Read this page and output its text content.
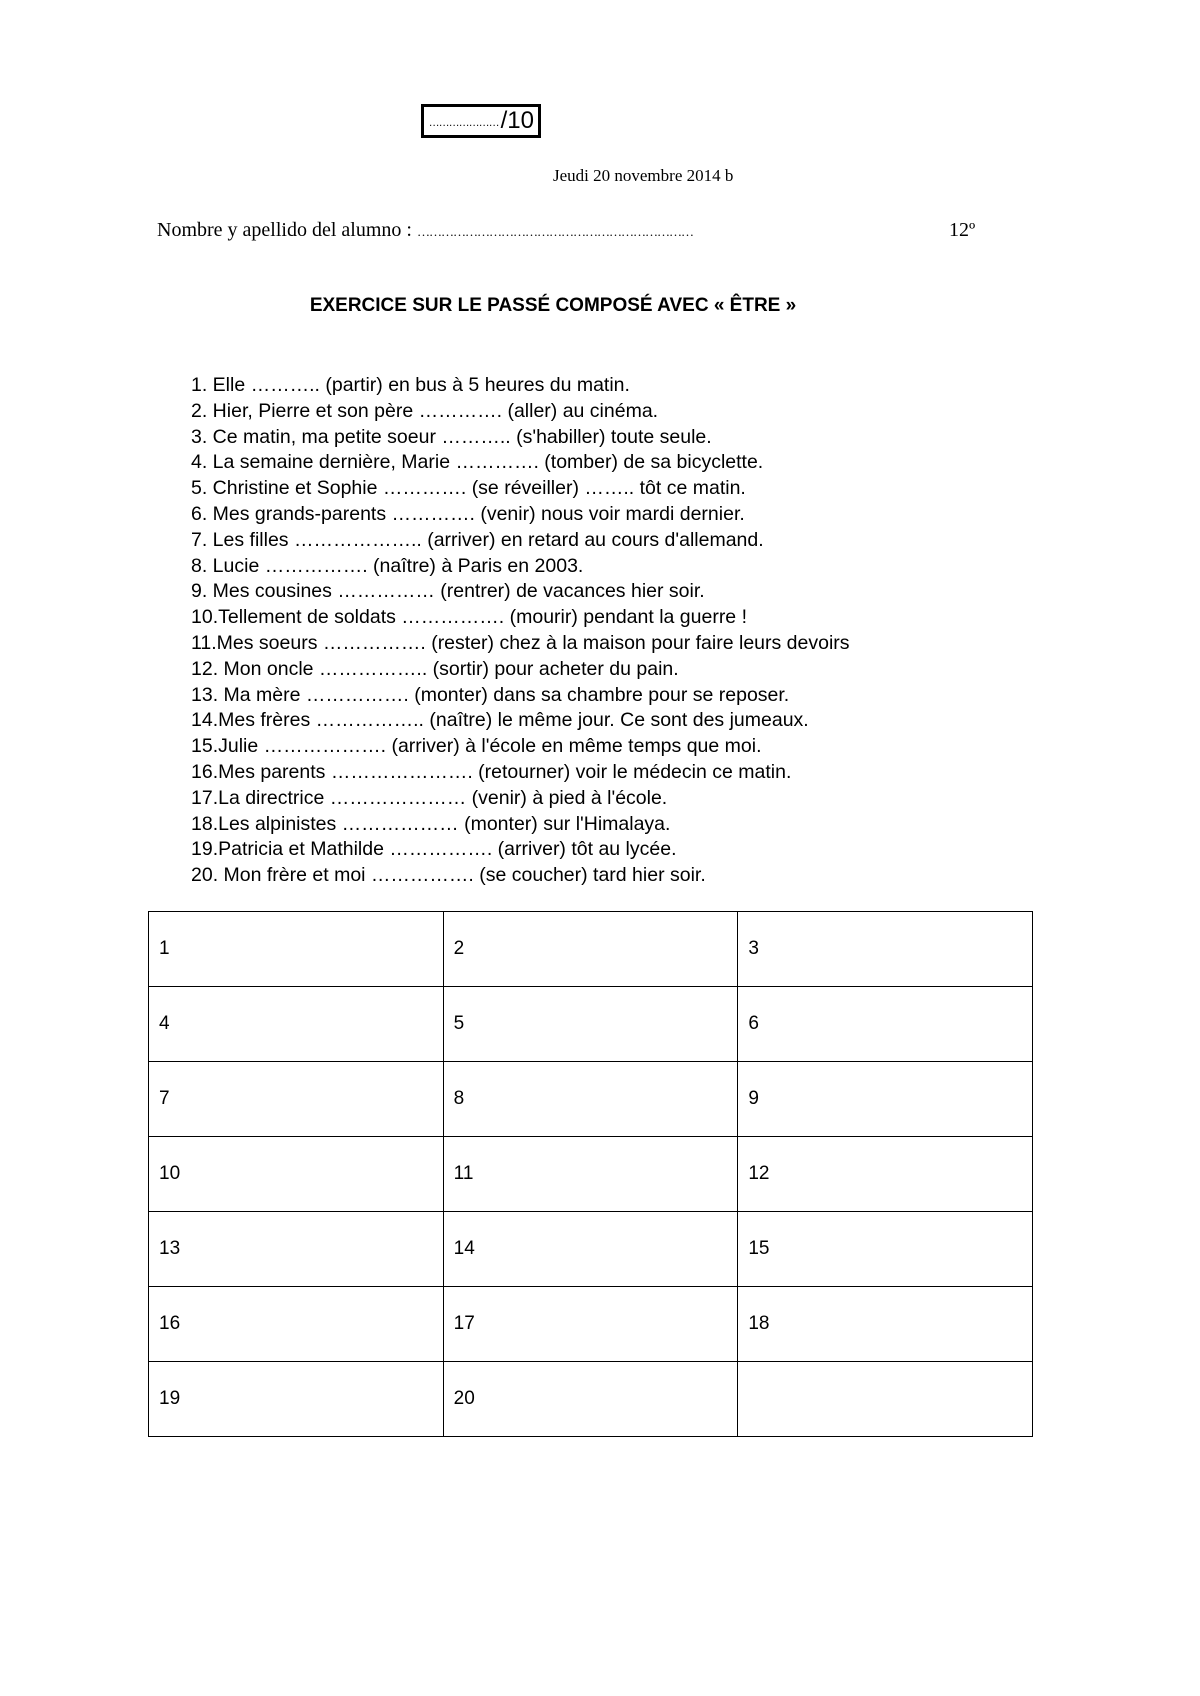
………………… /10
Jeudi 20 novembre 2014 b
Nombre y apellido del alumno : ……………………………………………………………	12º
EXERCICE SUR LE PASSÉ COMPOSÉ AVEC « ÊTRE »
1. Elle ……….. (partir) en bus à 5 heures du matin.
2. Hier, Pierre et son père …………. (aller) au cinéma.
3. Ce matin, ma petite soeur ……….. (s'habiller) toute seule.
4. La semaine dernière, Marie …………. (tomber) de sa bicyclette.
5. Christine et Sophie …………. (se réveiller) …….. tôt ce matin.
6. Mes grands-parents …………. (venir) nous voir mardi dernier.
7. Les filles ……………….. (arriver) en retard au cours d'allemand.
8. Lucie ……………. (naître) à Paris en 2003.
9. Mes cousines …………… (rentrer) de vacances hier soir.
10.Tellement de soldats ……………. (mourir) pendant la guerre !
11.Mes soeurs ……………. (rester) chez à la maison pour faire leurs devoirs
12. Mon oncle …………….. (sortir) pour acheter du pain.
13. Ma mère ……………. (monter) dans sa chambre pour se reposer.
14.Mes frères …………….. (naître) le même jour. Ce sont des jumeaux.
15.Julie ………………. (arriver) à l'école en même temps que moi.
16.Mes parents …………………. (retourner) voir le médecin ce matin.
17.La directrice ………………… (venir) à pied à l'école.
18.Les alpinistes ……………… (monter) sur l'Himalaya.
19.Patricia et Mathilde ……………. (arriver) tôt au lycée.
20. Mon frère et moi ……………. (se coucher) tard hier soir.
1	2	3
4	5	6
7	8	9
10	11	12
13	14	15
16	17	18
19	20	
